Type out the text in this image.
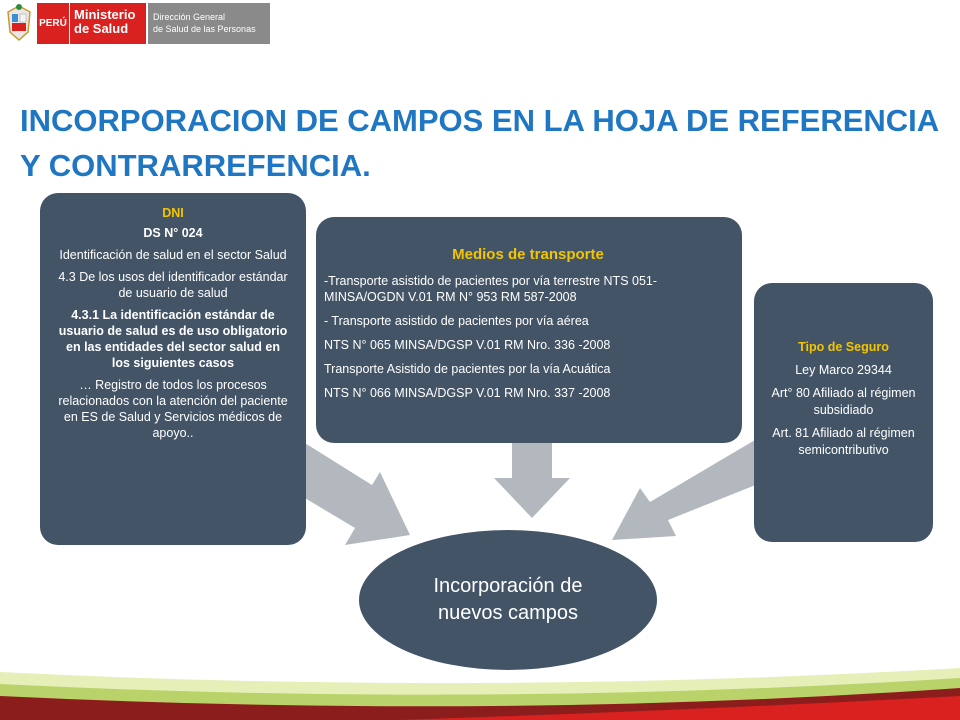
PERÚ
Ministerio
de Salud
Dirección General
de Salud de las Personas
INCORPORACION DE CAMPOS EN LA HOJA DE REFERENCIA
Y CONTRARREFENCIA.

DNI

DS N° 024

Identificación de salud en el sector Salud

4.3 De los usos del identificador estándar de usuario de salud

4.3.1 La identificación estándar de usuario de salud es de uso obligatorio en las entidades del sector salud en los siguientes casos

… Registro de todos los procesos relacionados con la atención del paciente en ES de Salud y Servicios médicos de apoyo..

Medios de transporte

-Transporte asistido de pacientes por vía terrestre NTS 051-MINSA/OGDN V.01 RM N° 953 RM 587-2008

- Transporte asistido de pacientes por vía aérea

NTS N° 065 MINSA/DGSP V.01 RM Nro. 336 -2008

Transporte Asistido de pacientes por la vía Acuática

NTS N° 066 MINSA/DGSP V.01 RM Nro. 337 -2008

Tipo de Seguro

Ley Marco 29344

Art° 80 Afiliado al régimen subsidiado

Art. 81 Afiliado al régimen semicontributivo

Incorporación de
nuevos campos
